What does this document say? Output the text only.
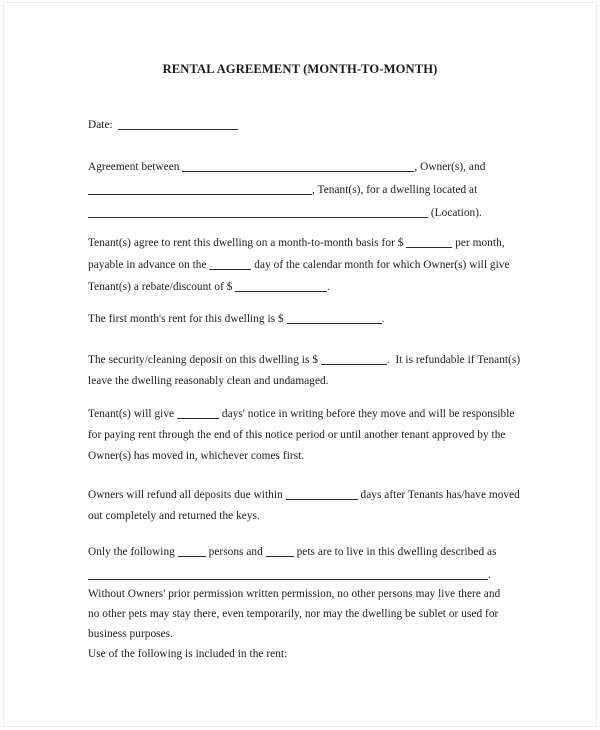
RENTAL AGREEMENT (MONTH-TO-MONTH)
Date:
Agreement between	, Owner(s), and
, Tenant(s), for a dwelling located at
(Location).
Tenant(s) agree to rent this dwelling on a month-to-month basis for $	per month,
payable in advance on the	day of the calendar month for which Owner(s) will give
Tenant(s) a rebate/discount of $	.
The first month's rent for this dwelling is $	.
The security/cleaning deposit on this dwelling is $	.  It is refundable if Tenant(s)
leave the dwelling reasonably clean and undamaged.
Tenant(s) will give	days' notice in writing before they move and will be responsible
for paying rent through the end of this notice period or until another tenant approved by the
Owner(s) has moved in, whichever comes first.
Owners will refund all deposits due within	days after Tenants has/have moved
out completely and returned the keys.
Only the following  persons and  pets are to live in this dwelling described as
.
Without Owners' prior permission written permission, no other persons may live there and
no other pets may stay there, even temporarily, nor may the dwelling be sublet or used for
business purposes.
Use of the following is included in the rent:
